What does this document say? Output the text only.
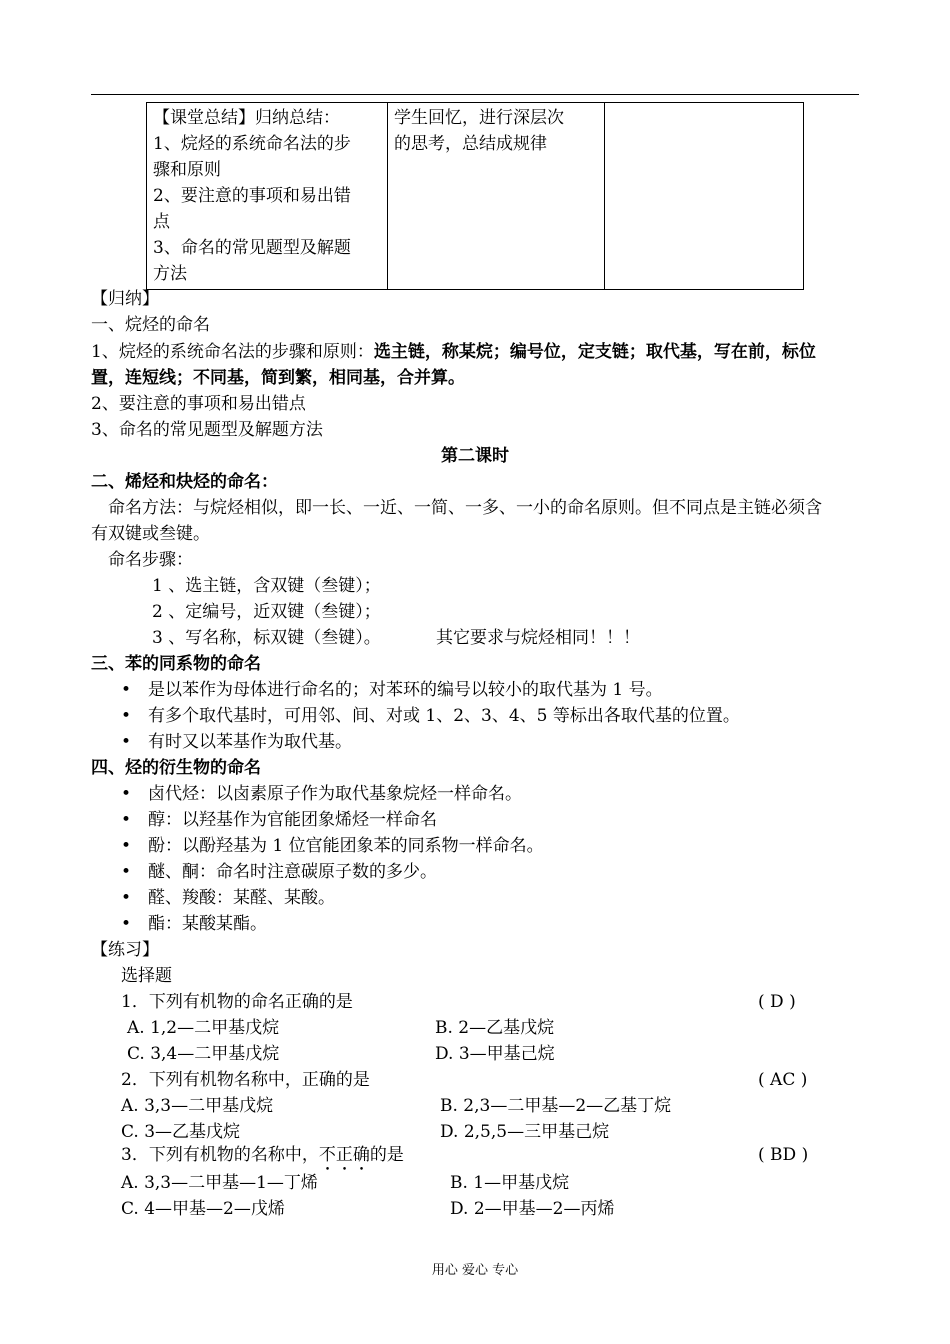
【课堂总结】归纳总结：
1、烷烃的系统命名法的步
骤和原则
2、要注意的事项和易出错
点
3、命名的常见题型及解题
方法

学生回忆，进行深层次
的思考，总结成规律

【归纳】
一、烷烃的命名
1、烷烃的系统命名法的步骤和原则：选主链，称某烷；编号位，定支链；取代基，写在前，标位
置，连短线；不同基，简到繁，相同基，合并算。
2、要注意的事项和易出错点
3、命名的常见题型及解题方法
第二课时
二、烯烃和炔烃的命名：
命名方法：与烷烃相似，即一长、一近、一简、一多、一小的命名原则。但不同点是主链必须含
有双键或叁键。
命名步骤：
1 、选主链，含双键（叁键）；
2 、定编号，近双键（叁键）；
3 、写名称，标双键（叁键）。	其它要求与烷烃相同！！！
三、苯的同系物的命名
• 是以苯作为母体进行命名的；对苯环的编号以较小的取代基为 1 号。
• 有多个取代基时，可用邻、间、对或 1、2、3、4、5 等标出各取代基的位置。
• 有时又以苯基作为取代基。
四、烃的衍生物的命名
• 卤代烃：以卤素原子作为取代基象烷烃一样命名。
• 醇：以羟基作为官能团象烯烃一样命名
• 酚：以酚羟基为 1 位官能团象苯的同系物一样命名。
• 醚、酮：命名时注意碳原子数的多少。
• 醛、羧酸：某醛、某酸。
• 酯：某酸某酯。
【练习】
选择题
1．下列有机物的命名正确的是	( D )
A. 1,2—二甲基戊烷	B. 2—乙基戊烷
C. 3,4—二甲基戊烷	D. 3—甲基己烷
2．下列有机物名称中，正确的是	( AC )
A. 3,3—二甲基戊烷	B. 2,3—二甲基—2—乙基丁烷
C. 3—乙基戊烷	D. 2,5,5—三甲基己烷
3．下列有机物的名称中，不正确的是	( BD )
A. 3,3—二甲基—1—丁烯	B. 1—甲基戊烷
C. 4—甲基—2—戊烯	D. 2—甲基—2—丙烯
用心 爱心 专心
